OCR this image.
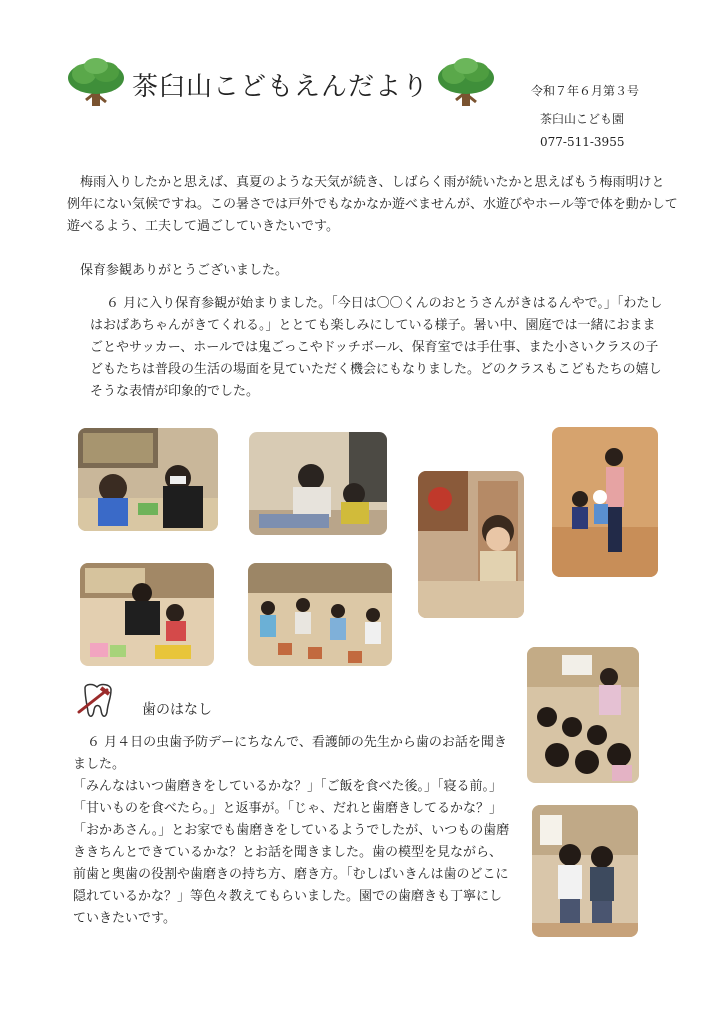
茶臼山こどもえんだより	令和７年６月第３号
茶臼山こども園
077-511-3955

梅雨入りしたかと思えば、真夏のような天気が続き、しばらく雨が続いたかと思えばもう梅雨明けと

例年にない気候ですね。この暑さでは戸外でもなかなか遊べませんが、水遊びやホール等で体を動かして

遊べるよう、工夫して過ごしていきたいです。

保育参観ありがとうございました。

６ 月に入り保育参観が始まりました。「今日は〇〇くんのおとうさんがきはるんやで。」「わたし

はおばあちゃんがきてくれる。」ととても楽しみにしている様子。暑い中、園庭では一緒におまま

ごとやサッカー、ホールでは鬼ごっこやドッチボール、保育室では手仕事、また小さいクラスの子

どもたちは普段の生活の場面を見ていただく機会にもなりました。どのクラスもこどもたちの嬉し

そうな表情が印象的でした。

歯のはなし

６ 月４日の虫歯予防デーにちなんで、看護師の先生から歯のお話を聞き

ました。

「みんなはいつ歯磨きをしているかな？」「ご飯を食べた後。」「寝る前。」

「甘いものを食べたら。」と返事が。「じゃ、だれと歯磨きしてるかな？」

「おかあさん。」とお家でも歯磨きをしているようでしたが、いつもの歯磨

ききちんとできているかな？とお話を聞きました。歯の模型を見ながら、

前歯と奥歯の役割や歯磨きの持ち方、磨き方。「むしばいきんは歯のどこに

隠れているかな？」等色々教えてもらいました。園での歯磨きも丁寧にし

ていきたいです。
